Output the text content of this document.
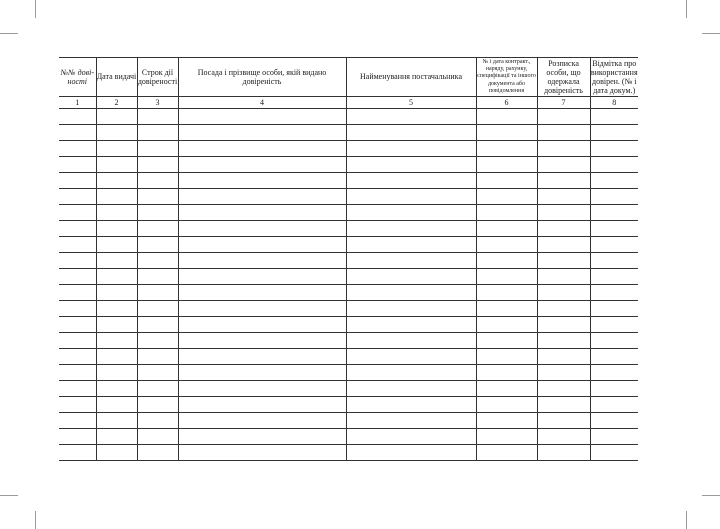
№№ дові-ності	Дата видачі	Строк дії довіреності	Посада і прізвище особи, якій видано довіреність	Найменування постачальника	№ і дата контракт., наряду, рахунку, специфікації та іншого документа або повідомлення	Розписка особи, що одержала довіреність	Відмітка про використання довірен. (№ і дата докум.)
1	2	3	4	5	6	7	8
